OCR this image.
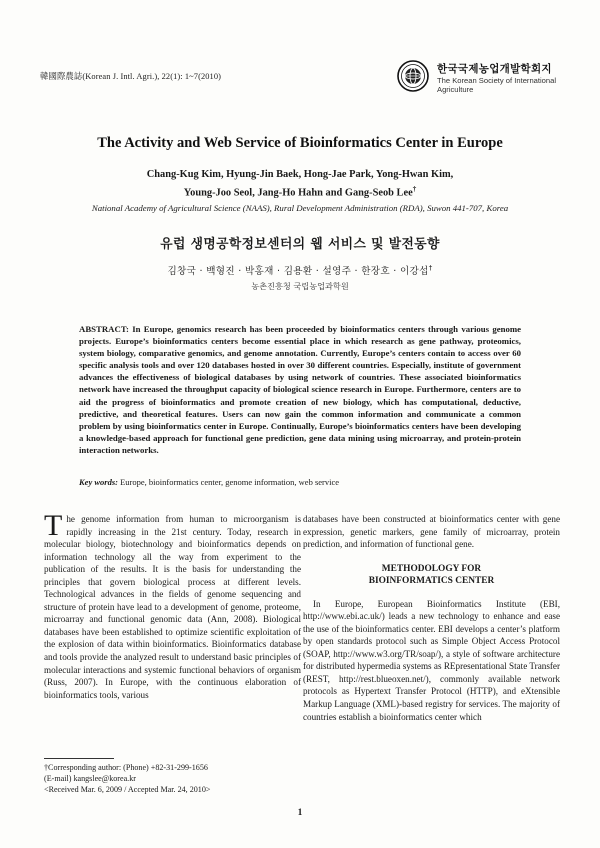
韓國際農誌(Korean J. Intl. Agri.), 22(1): 1~7(2010)
한국국제농업개발학회지
The Korean Society of International Agriculture
The Activity and Web Service of Bioinformatics Center in Europe
Chang-Kug Kim, Hyung-Jin Baek, Hong-Jae Park, Yong-Hwan Kim,
Young-Joo Seol, Jang-Ho Hahn and Gang-Seob Lee†
National Academy of Agricultural Science (NAAS), Rural Development Administration (RDA), Suwon 441-707, Korea
유럽 생명공학정보센터의 웹 서비스 및 발전동향
김창국 · 백형진 · 박홍재 · 김용환 · 설영주 · 한장호 · 이강섭†
농촌진흥청 국립농업과학원

ABSTRACT: In Europe, genomics research has been proceeded by bioinformatics centers through various genome projects. Europe’s bioinformatics centers become essential place in which research as gene pathway, proteomics, system biology, comparative genomics, and genome annotation. Currently, Europe’s centers contain to access over 60 specific analysis tools and over 120 databases hosted in over 30 different countries. Especially, institute of government advances the effectiveness of biological databases by using network of countries. These associated bioinformatics network have increased the throughput capacity of biological science research in Europe. Furthermore, centers are to aid the progress of bioinformatics and promote creation of new biology, which has computational, deductive, predictive, and theoretical features. Users can now gain the common information and communicate a common problem by using bioinformatics center in Europe. Continually, Europe’s bioinformatics centers have been developing a knowledge-based approach for functional gene prediction, gene data mining using microarray, and protein-protein interaction networks.

Key words: Europe, bioinformatics center, genome information, web service

The genome information from human to microorganism is rapidly increasing in the 21st century. Today, research in molecular biology, biotechnology and bioinformatics depends on information technology all the way from experiment to the publication of the results. It is the basis for understanding the principles that govern biological process at different levels. Technological advances in the fields of genome sequencing and structure of protein have lead to a development of genome, proteome, microarray and functional genomic data (Ann, 2008). Biological databases have been established to optimize scientific exploitation of the explosion of data within bioinformatics. Bioinformatics database and tools provide the analyzed result to understand basic principles of molecular interactions and systemic functional behaviors of organism (Russ, 2007). In Europe, with the continuous elaboration of bioinformatics tools, various

databases have been constructed at bioinformatics center with gene expression, genetic markers, gene family of microarray, protein prediction, and information of functional gene.

METHODOLOGY FOR
BIOINFORMATICS CENTER

In Europe, European Bioinformatics Institute (EBI, http://www.ebi.ac.uk/) leads a new technology to enhance and ease the use of the bioinformatics center. EBI develops a center’s platform by open standards protocol such as Simple Object Access Protocol (SOAP, http://www.w3.org/TR/soap/), a style of software architecture for distributed hypermedia systems as REpresentational State Transfer (REST, http://rest.blueoxen.net/), commonly available network protocols as Hypertext Transfer Protocol (HTTP), and eXtensible Markup Language (XML)-based registry for services. The majority of countries establish a bioinformatics center which

†Corresponding author: (Phone) +82-31-299-1656
(E-mail) kangslee@korea.kr
<Received Mar. 6, 2009 / Accepted Mar. 24, 2010>
1
